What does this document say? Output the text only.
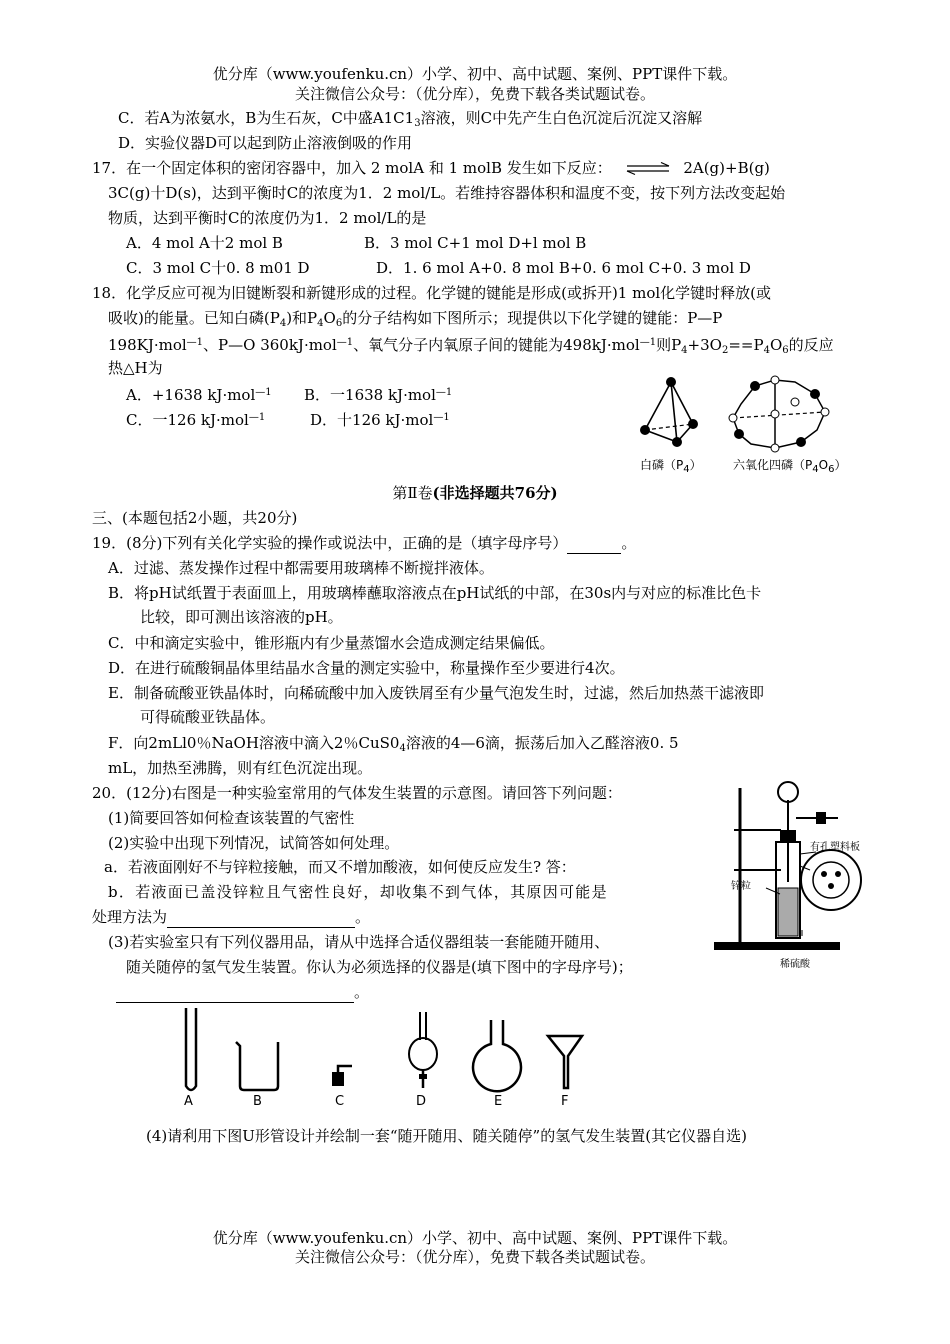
优分库（www.youfenku.cn）小学、初中、高中试题、案例、PPT课件下载。
关注微信公众号：（优分库），免费下载各类试题试卷。
C．若A为浓氨水，B为生石灰，C中盛$A1C1_3$溶液，则C中先产生白色沉淀后沉淀又溶解
D．实验仪器D可以起到防止溶液倒吸的作用
17．在一个固定体积的密闭容器中，加入 2 molA 和 1 molB 发生如下反应： ⇌ 2A(g)+B(g)
3C(g)十D(s)，达到平衡时C的浓度为1．2 mol/L。若维持容器体积和温度不变，按下列方法改变起始
物质，达到平衡时C的浓度仍为1．2 mol/L的是
A．4 mol A十2 mol B	B．3 mol C+1 mol D+l mol B
C．3 mol C十0. 8 m01 D	D．1. 6 mol A+0. 8 mol B+0. 6 mol C+0. 3 mol D
18．化学反应可视为旧键断裂和新键形成的过程。化学键的键能是形成(或拆开)1 mol化学键时释放(或
吸收)的能量。已知白磷$(P_4)$和$P_4O_6$的分子结构如下图所示；现提供以下化学键的键能：P—P
198KJ·mol$^{—1}$、P—O 360kJ·mol$^{—1}$、氧气分子内氧原子间的键能为498kJ·mol$^{—1}$则$P_4+3O_2==P_4O_6$的反应
热△H为
A．+1638 kJ·mol$^{—1}$ B．一1638 kJ·mol$^{—1}$
C．一126 kJ·mol$^{—1}$	D．十126 kJ·mol$^{—1}$
白磷$(P_4)$	六氧化四磷$(P_4O_6)$
第Ⅱ卷(非选择题共76分)
三、(本题包括2小题，共20分)
19．(8分)下列有关化学实验的操作或说法中，正确的是（填字母序号）	。
A．过滤、蒸发操作过程中都需要用玻璃棒不断搅拌液体。
B．将pH试纸置于表面皿上，用玻璃棒蘸取溶液点在pH试纸的中部，在30s内与对应的标准比色卡
比较，即可测出该溶液的pH。
C．中和滴定实验中，锥形瓶内有少量蒸馏水会造成测定结果偏低。
D．在进行硫酸铜晶体里结晶水含量的测定实验中，称量操作至少要进行4次。
E．制备硫酸亚铁晶体时，向稀硫酸中加入废铁屑至有少量气泡发生时，过滤，然后加热蒸干滤液即
可得硫酸亚铁晶体。
F．向2mLl0％NaOH溶液中滴入2％$CuS0_4$溶液的4—6滴，振荡后加入乙醛溶液0. 5
mL，加热至沸腾，则有红色沉淀出现。
20．(12分)右图是一种实验室常用的气体发生装置的示意图。请回答下列问题：
(1)简要回答如何检查该装置的气密性
(2)实验中出现下列情况，试简答如何处理。
a．若液面刚好不与锌粒接触，而又不增加酸液，如何使反应发生? 答：
b．若液面已盖没锌粒且气密性良好，却收集不到气体，其原因可能是
处理方法为	。
(3)若实验室只有下列仪器用品，请从中选择合适仪器组装一套能随开随用、
随关随停的氢气发生装置。你认为必须选择的仪器是(填下图中的字母序号)；
。
有孔塑料板
锌粒
稀硫酸
A	B	C	D	E	F
(4)请利用下图U形管设计并绘制一套“随开随用、随关随停”的氢气发生装置(其它仪器自选)
优分库（www.youfenku.cn）小学、初中、高中试题、案例、PPT课件下载。
关注微信公众号：（优分库），免费下载各类试题试卷。
